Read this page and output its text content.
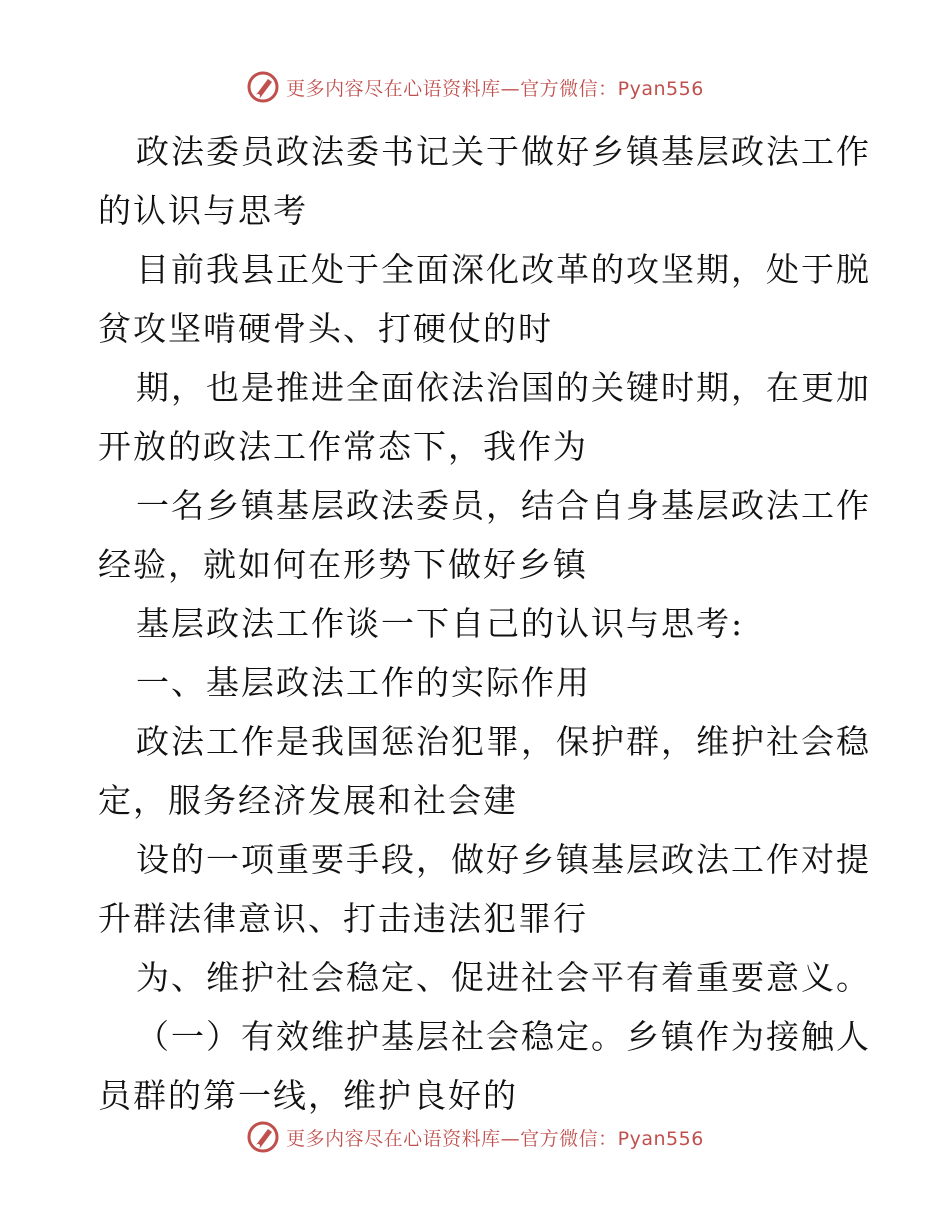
更多内容尽在心语资料库—官方微信：Pyan556
政法委员政法委书记关于做好乡镇基层政法工作
的认识与思考
目前我县正处于全面深化改革的攻坚期，处于脱
贫攻坚啃硬骨头、打硬仗的时
期，也是推进全面依法治国的关键时期，在更加
开放的政法工作常态下，我作为
一名乡镇基层政法委员，结合自身基层政法工作
经验，就如何在形势下做好乡镇
基层政法工作谈一下自己的认识与思考:
一、基层政法工作的实际作用
政法工作是我国惩治犯罪，保护群，维护社会稳
定，服务经济发展和社会建
设的一项重要手段，做好乡镇基层政法工作对提
升群法律意识、打击违法犯罪行
为、维护社会稳定、促进社会平有着重要意义。
（一）有效维护基层社会稳定。乡镇作为接触人
员群的第一线，维护良好的
更多内容尽在心语资料库—官方微信：Pyan556
